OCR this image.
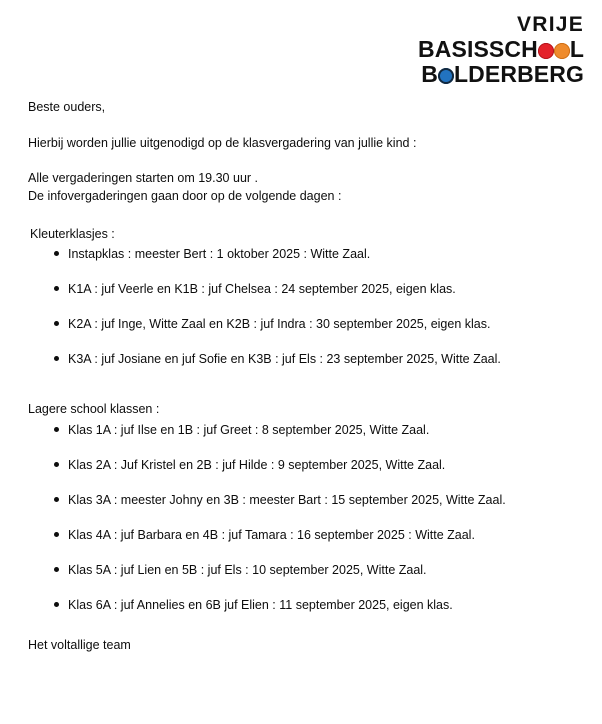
VRIJE
BASISSCH L
B LDERBERG

Beste ouders,

Hierbij worden jullie uitgenodigd op de klasvergadering van jullie kind :

Alle vergaderingen starten om 19.30 uur .

De infovergaderingen gaan door op de volgende dagen :

Kleuterklasjes :

Instapklas : meester Bert : 1 oktober 2025 : Witte Zaal.
K1A : juf Veerle en K1B : juf Chelsea : 24 september 2025, eigen klas.
K2A : juf Inge, Witte Zaal en K2B : juf Indra : 30 september 2025, eigen klas.
K3A : juf Josiane en juf Sofie en K3B : juf Els : 23 september 2025, Witte Zaal.

Lagere school klassen :

Klas 1A : juf Ilse en 1B : juf Greet : 8 september 2025, Witte Zaal.
Klas 2A : Juf Kristel en 2B : juf Hilde : 9 september 2025, Witte Zaal.
Klas 3A : meester Johny en 3B : meester Bart : 15 september 2025, Witte Zaal.
Klas 4A : juf Barbara en 4B : juf Tamara : 16 september 2025 : Witte Zaal.
Klas 5A : juf Lien en 5B : juf Els : 10 september 2025, Witte Zaal.
Klas 6A : juf Annelies en 6B juf Elien : 11 september 2025, eigen klas.

Het voltallige team
